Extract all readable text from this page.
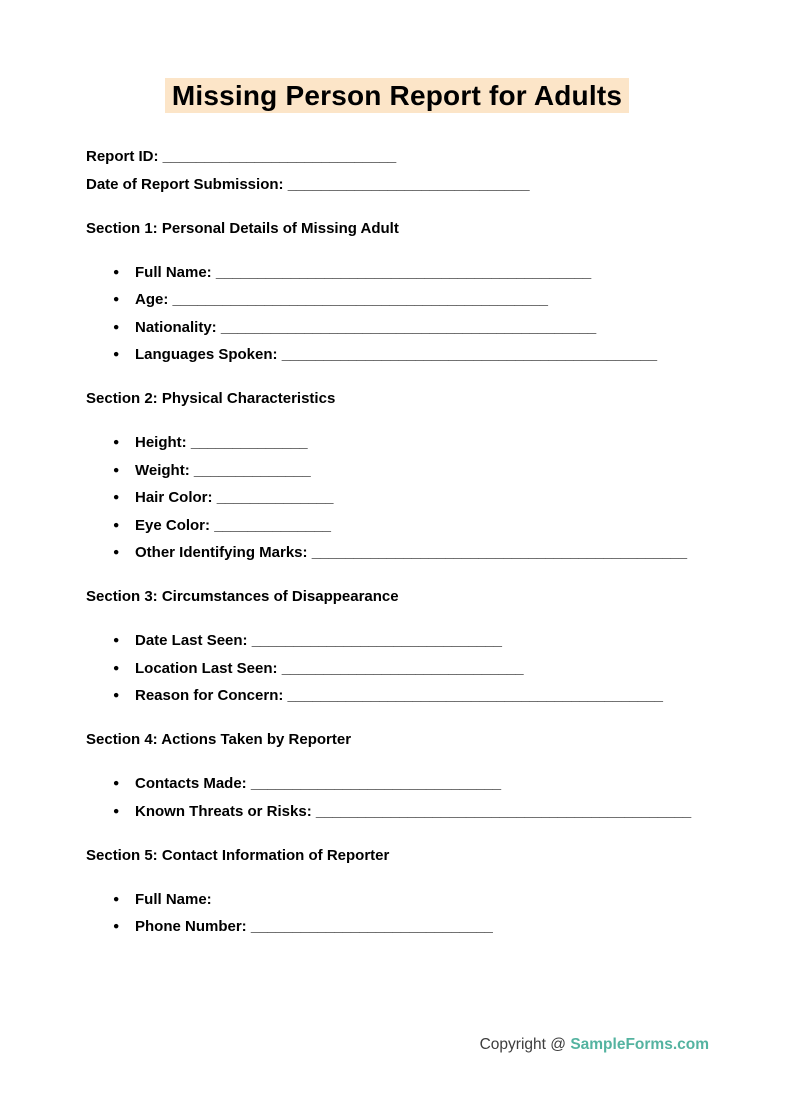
Missing Person Report for Adults
Report ID: ____________________________
Date of Report Submission: _____________________________
Section 1: Personal Details of Missing Adult
● Full Name: _____________________________________________
● Age: _____________________________________________
● Nationality: _____________________________________________
● Languages Spoken: _____________________________________________
Section 2: Physical Characteristics
● Height: ______________
● Weight: ______________
● Hair Color: ______________
● Eye Color: ______________
● Other Identifying Marks: _____________________________________________
Section 3: Circumstances of Disappearance
● Date Last Seen: ______________________________
● Location Last Seen: _____________________________
● Reason for Concern: _____________________________________________
Section 4: Actions Taken by Reporter
● Contacts Made: ______________________________
● Known Threats or Risks: _____________________________________________
Section 5: Contact Information of Reporter
● Full Name:
● Phone Number: _____________________________
Copyright @ SampleForms.com
